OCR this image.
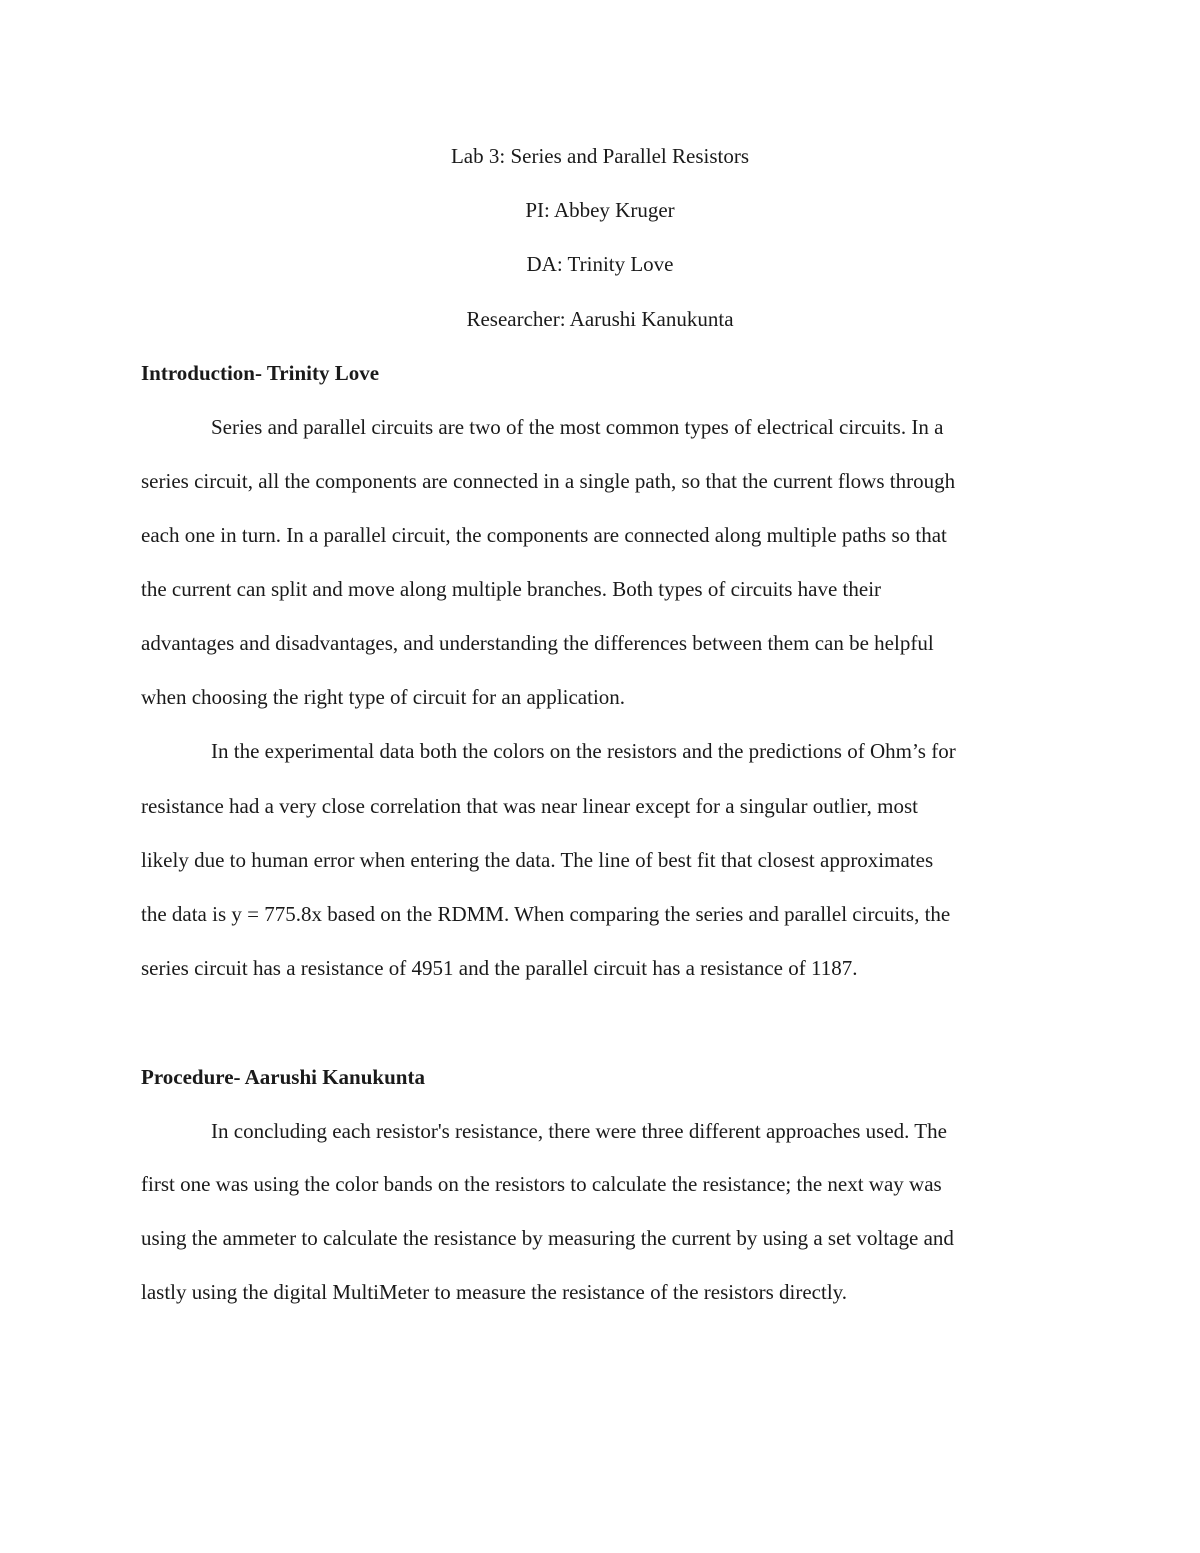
Lab 3: Series and Parallel Resistors
PI: Abbey Kruger
DA: Trinity Love
Researcher: Aarushi Kanukunta
Introduction- Trinity Love
Series and parallel circuits are two of the most common types of electrical circuits. In a
series circuit, all the components are connected in a single path, so that the current flows through
each one in turn. In a parallel circuit, the components are connected along multiple paths so that
the current can split and move along multiple branches. Both types of circuits have their
advantages and disadvantages, and understanding the differences between them can be helpful
when choosing the right type of circuit for an application.
In the experimental data both the colors on the resistors and the predictions of Ohm’s for
resistance had a very close correlation that was near linear except for a singular outlier, most
likely due to human error when entering the data. The line of best fit that closest approximates
the data is y = 775.8x based on the RDMM. When comparing the series and parallel circuits, the
series circuit has a resistance of 4951 and the parallel circuit has a resistance of 1187.
Procedure- Aarushi Kanukunta
In concluding each resistor's resistance, there were three different approaches used. The
first one was using the color bands on the resistors to calculate the resistance; the next way was
using the ammeter to calculate the resistance by measuring the current by using a set voltage and
lastly using the digital MultiMeter to measure the resistance of the resistors directly.
